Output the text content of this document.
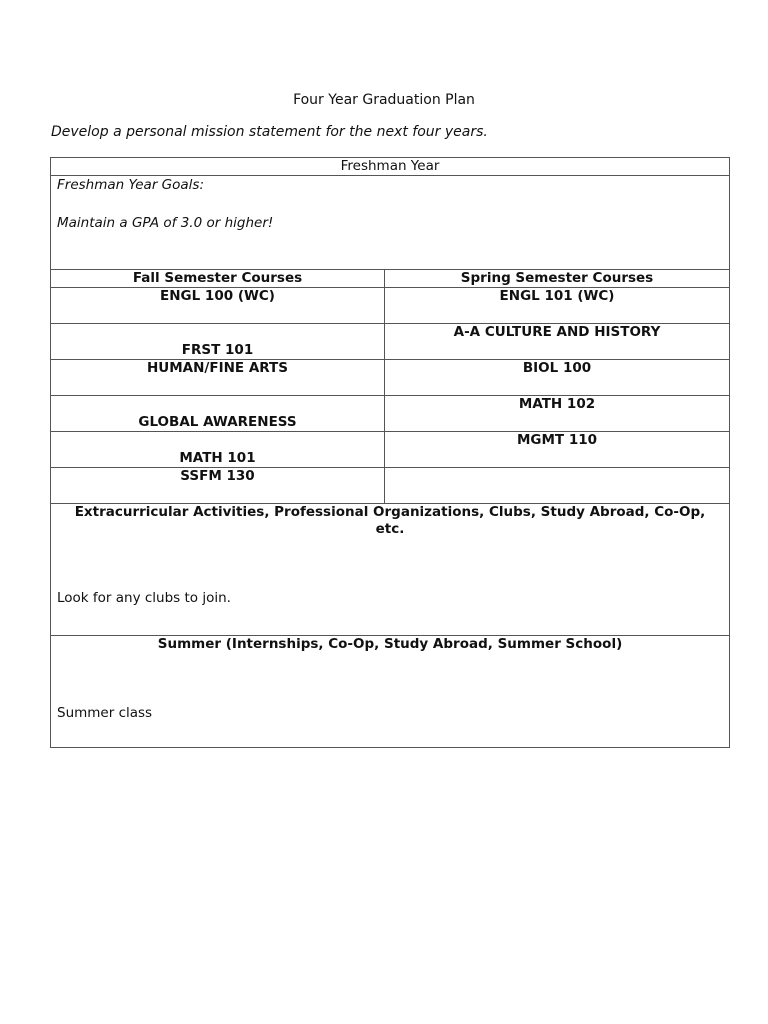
Four Year Graduation Plan
Develop a personal mission statement for the next four years.
Freshman Year	

Freshman Year Goals:
Maintain a GPA of 3.0 or higher!	

Fall Semester Courses	Spring Semester Courses
ENGL 100 (WC)	ENGL 101 (WC)
FRST 101	A-A CULTURE AND HISTORY
HUMAN/FINE ARTS	BIOL 100
GLOBAL AWARENESS	MATH 102
MATH 101	MGMT 110
SSFM 130	

Extracurricular Activities, Professional Organizations, Clubs, Study Abroad, Co-Op, etc.
Look for any clubs to join.	

Summer (Internships, Co-Op, Study Abroad, Summer School)
Summer class	
